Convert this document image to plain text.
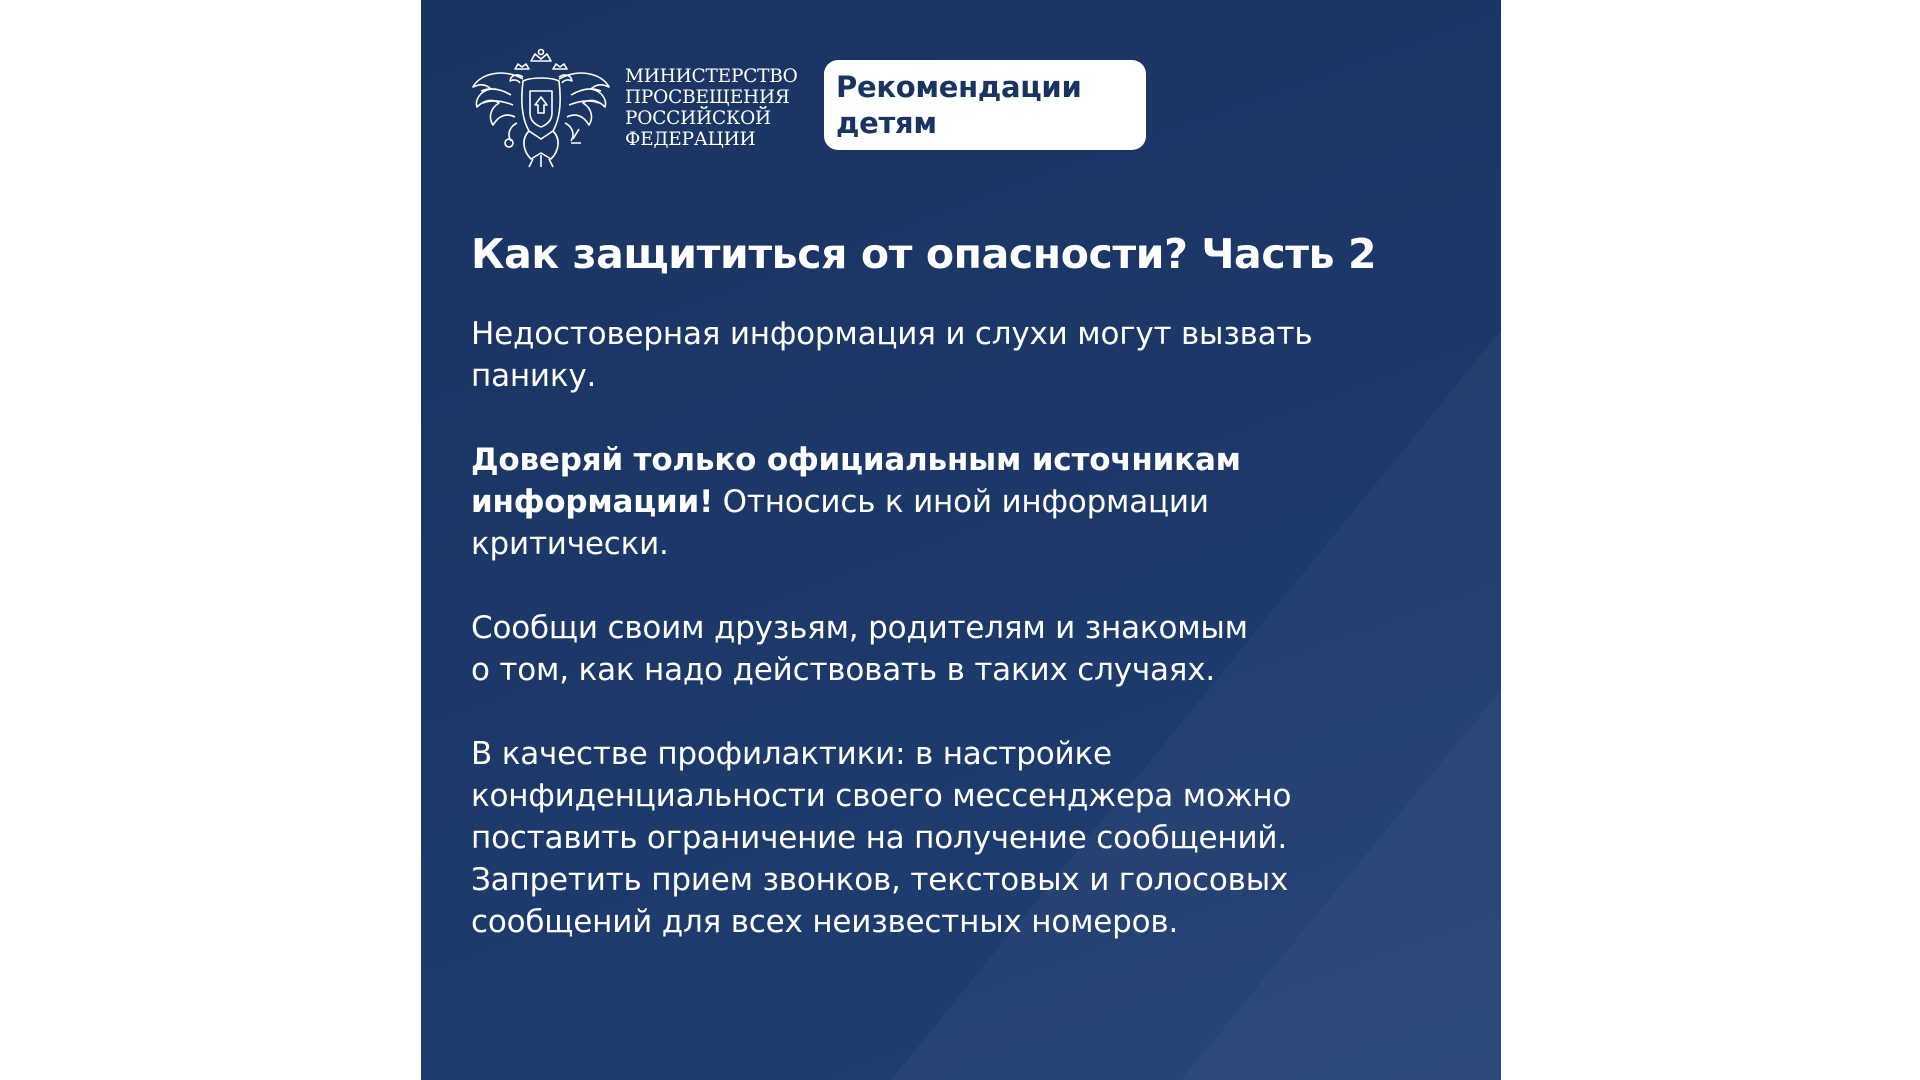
МИНИСТЕРСТВО
ПРОСВЕЩЕНИЯ
РОССИЙСКОЙ
ФЕДЕРАЦИИ
Рекомендации
детям
Как защититься от опасности? Часть 2

Недостоверная информация и слухи могут вызвать
панику.

Доверяй только официальным источникам
информации! Относись к иной информации
критически.

Сообщи своим друзьям, родителям и знакомым
о том, как надо действовать в таких случаях.

В качестве профилактики: в настройке
конфиденциальности своего мессенджера можно
поставить ограничение на получение сообщений.
Запретить прием звонков, текстовых и голосовых
сообщений для всех неизвестных номеров.
